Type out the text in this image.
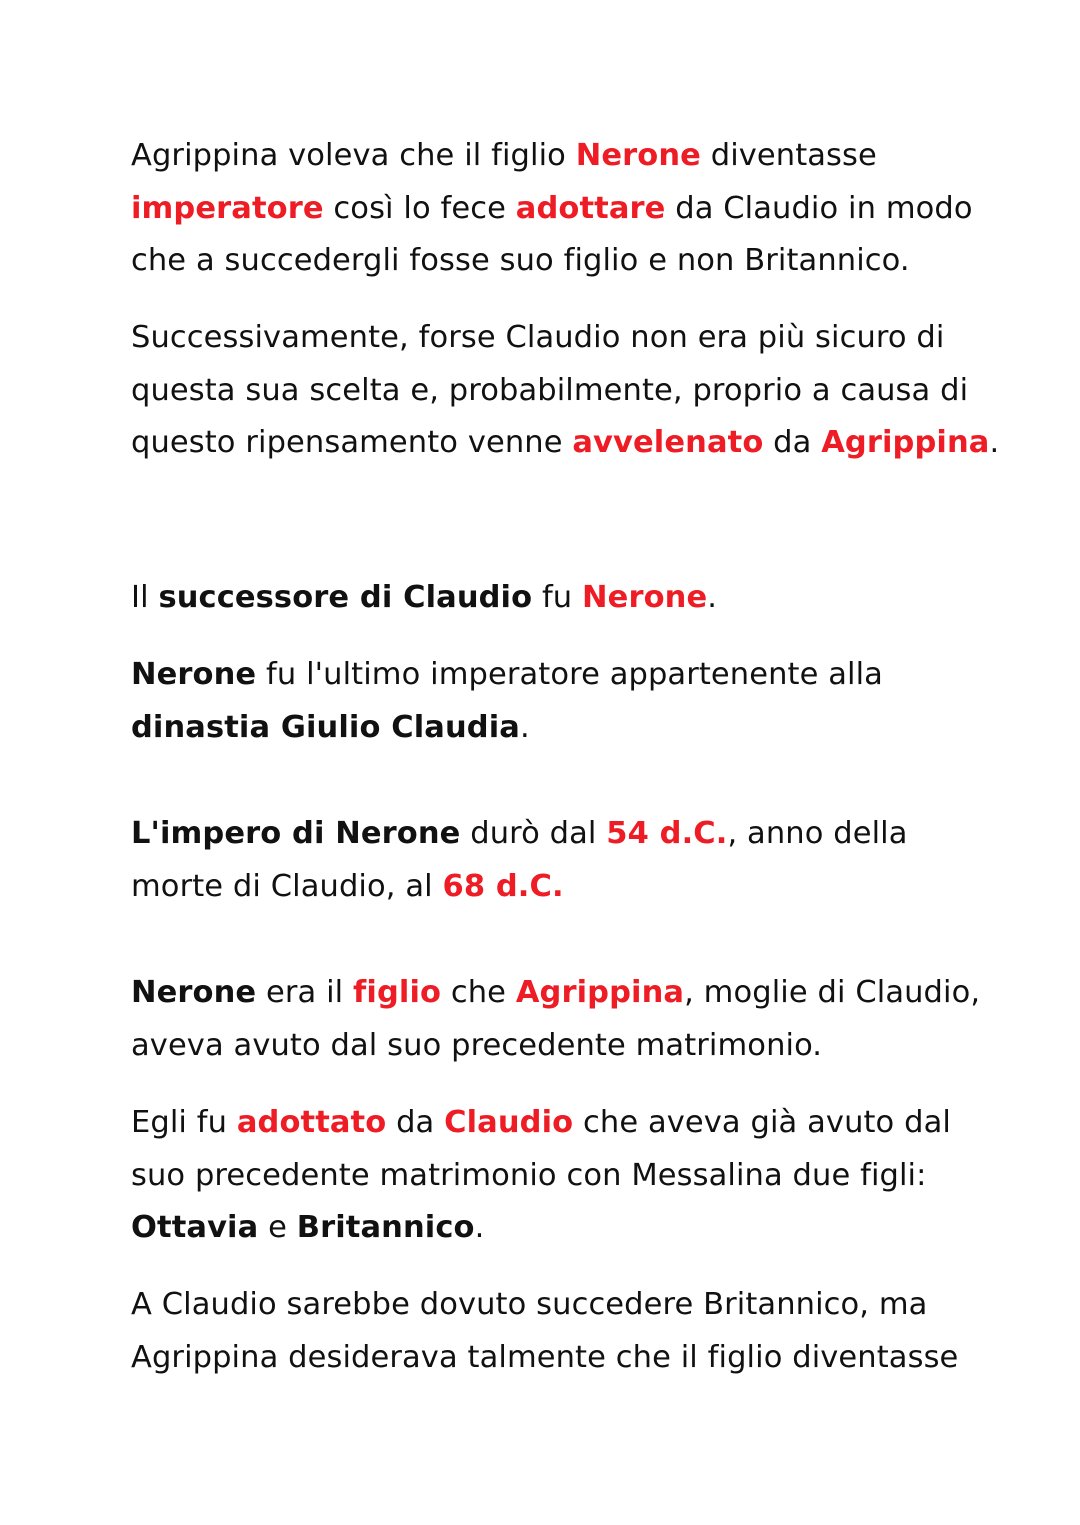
Agrippina voleva che il figlio Nerone diventasse
imperatore così lo fece adottare da Claudio in modo
che a succedergli fosse suo figlio e non Britannico.

Successivamente, forse Claudio non era più sicuro di
questa sua scelta e, probabilmente, proprio a causa di
questo ripensamento venne avvelenato da Agrippina.

Il successore di Claudio fu Nerone.

Nerone fu l'ultimo imperatore appartenente alla
dinastia Giulio Claudia.

L'impero di Nerone durò dal 54 d.C., anno della
morte di Claudio, al 68 d.C.

Nerone era il figlio che Agrippina, moglie di Claudio,
aveva avuto dal suo precedente matrimonio.

Egli fu adottato da Claudio che aveva già avuto dal
suo precedente matrimonio con Messalina due figli:
Ottavia e Britannico.

A Claudio sarebbe dovuto succedere Britannico, ma
Agrippina desiderava talmente che il figlio diventasse
